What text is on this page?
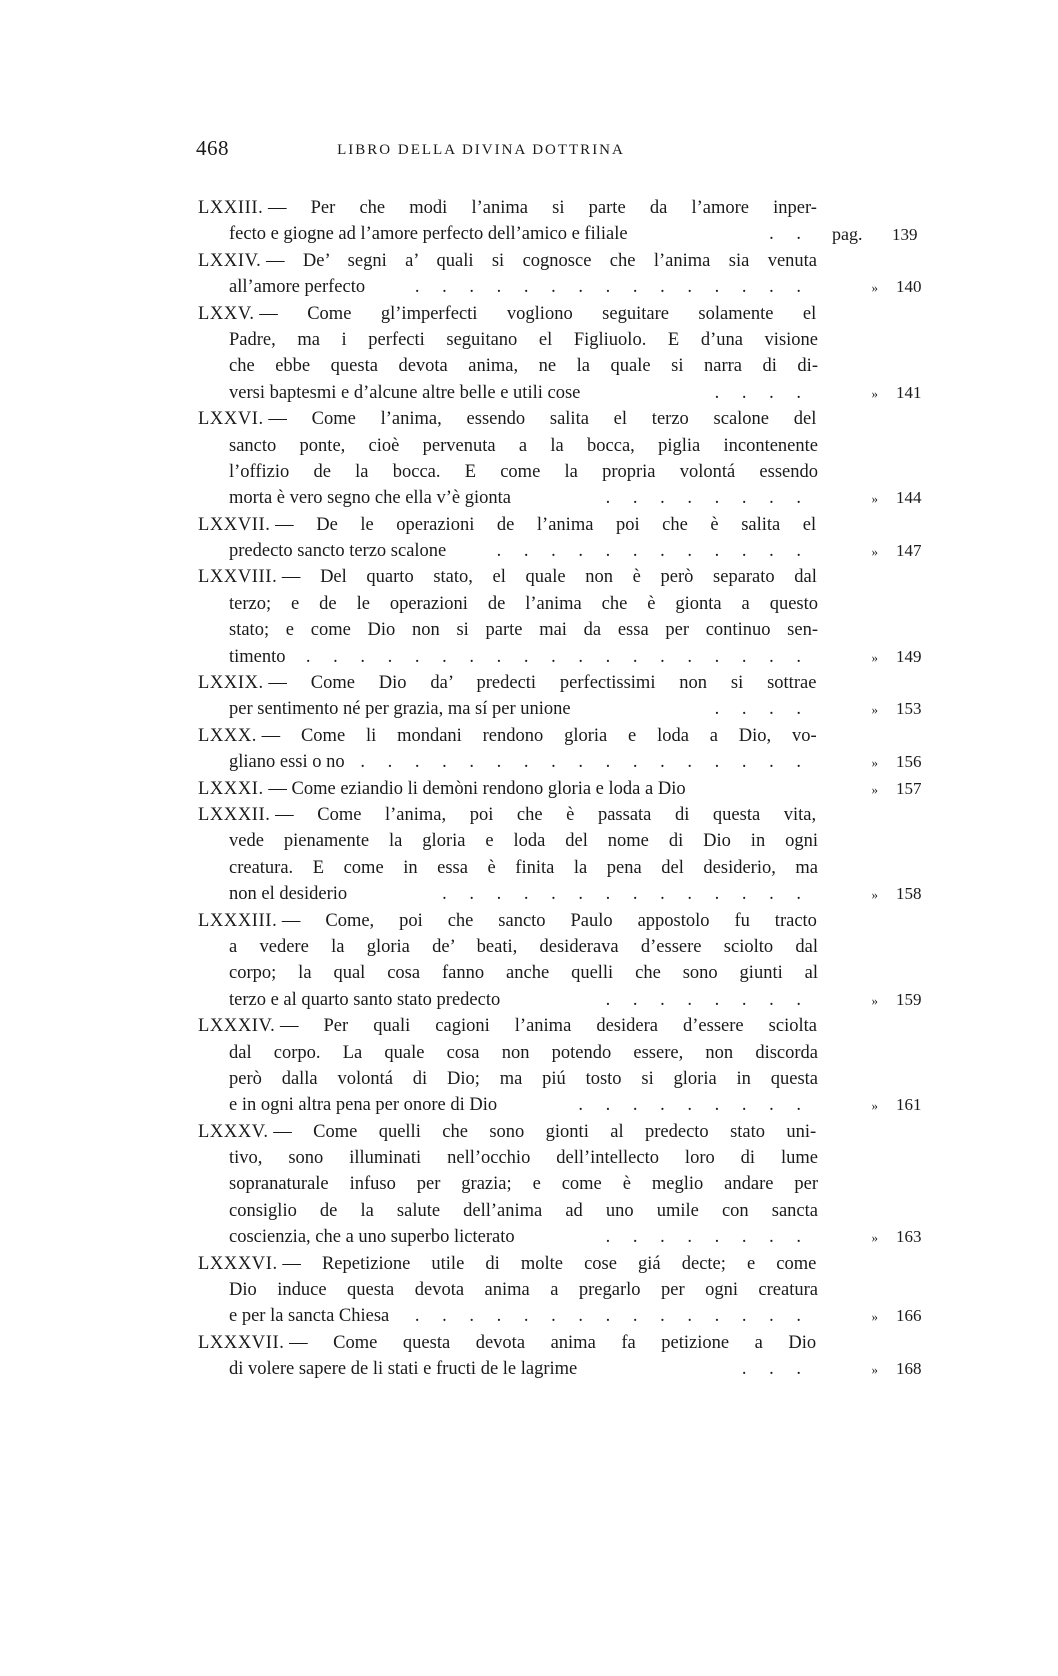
468	LIBRO DELLA DIVINA DOTTRINA
LXXIII. — Per che modi l’anima si parte da l’amore inper-
fecto e giogne ad l’amore perfecto dell’amico e filiale	. . pag. 139
LXXIV. — De’ segni a’ quali si cognosce che l’anima sia venuta
all’amore perfecto	. . . . . . . . . . . . . . .	» 140
LXXV. — Come gl’imperfecti vogliono seguitare solamente el
Padre, ma i perfecti seguitano el Figliuolo. E d’una visione
che ebbe questa devota anima, ne la quale si narra di di-
versi baptesmi e d’alcune altre belle e utili cose	. . . .	» 141
LXXVI. — Come l’anima, essendo salita el terzo scalone del
sancto ponte, cioè pervenuta a la bocca, piglia incontenente
l’offizio de la bocca. E come la propria volontá essendo
morta è vero segno che ella v’è gionta	. . . . . . . .	» 144
LXXVII. — De le operazioni de l’anima poi che è salita el
predecto sancto terzo scalone	. . . . . . . . . . . .	» 147
LXXVIII. — Del quarto stato, el quale non è però separato dal
terzo; e de le operazioni de l’anima che è gionta a questo
stato; e come Dio non si parte mai da essa per continuo sen-
timento . . . . . . . . . . . . . . . . . . .	» 149
LXXIX. — Come Dio da’ predecti perfectissimi non si sottrae
per sentimento né per grazia, ma sí per unione	. . . .	» 153
LXXX. — Come li mondani rendono gloria e loda a Dio, vo-
gliano essi o no . . . . . . . . . . . . . . . . .	» 156
LXXXI. — Come eziandio li demòni rendono gloria e loda a Dio	» 157
LXXXII. — Come l’anima, poi che è passata di questa vita,
vede pienamente la gloria e loda del nome di Dio in ogni
creatura. E come in essa è finita la pena del desiderio, ma
non el desiderio	. . . . . . . . . . . . . .	» 158
LXXXIII. — Come, poi che sancto Paulo appostolo fu tracto
a vedere la gloria de’ beati, desiderava d’essere sciolto dal
corpo; la qual cosa fanno anche quelli che sono giunti al
terzo e al quarto santo stato predecto	. . . . . . . .	» 159
LXXXIV. — Per quali cagioni l’anima desidera d’essere sciolta
dal corpo. La quale cosa non potendo essere, non discorda
però dalla volontá di Dio; ma piú tosto si gloria in questa
e in ogni altra pena per onore di Dio	. . . . . . . . .	» 161
LXXXV. — Come quelli che sono gionti al predecto stato uni-
tivo, sono illuminati nell’occhio dell’intellecto loro di lume
sopranaturale infuso per grazia; e come è meglio andare per
consiglio de la salute dell’anima ad uno umile con sancta
coscienzia, che a uno superbo licterato	. . . . . . . .	» 163
LXXXVI. — Repetizione utile di molte cose giá decte; e come
Dio induce questa devota anima a pregarlo per ogni creatura
e per la sancta Chiesa . . . . . . . . . . . . . . .	» 166
LXXXVII. — Come questa devota anima fa petizione a Dio
di volere sapere de li stati e fructi de le lagrime	. . .	» 168
